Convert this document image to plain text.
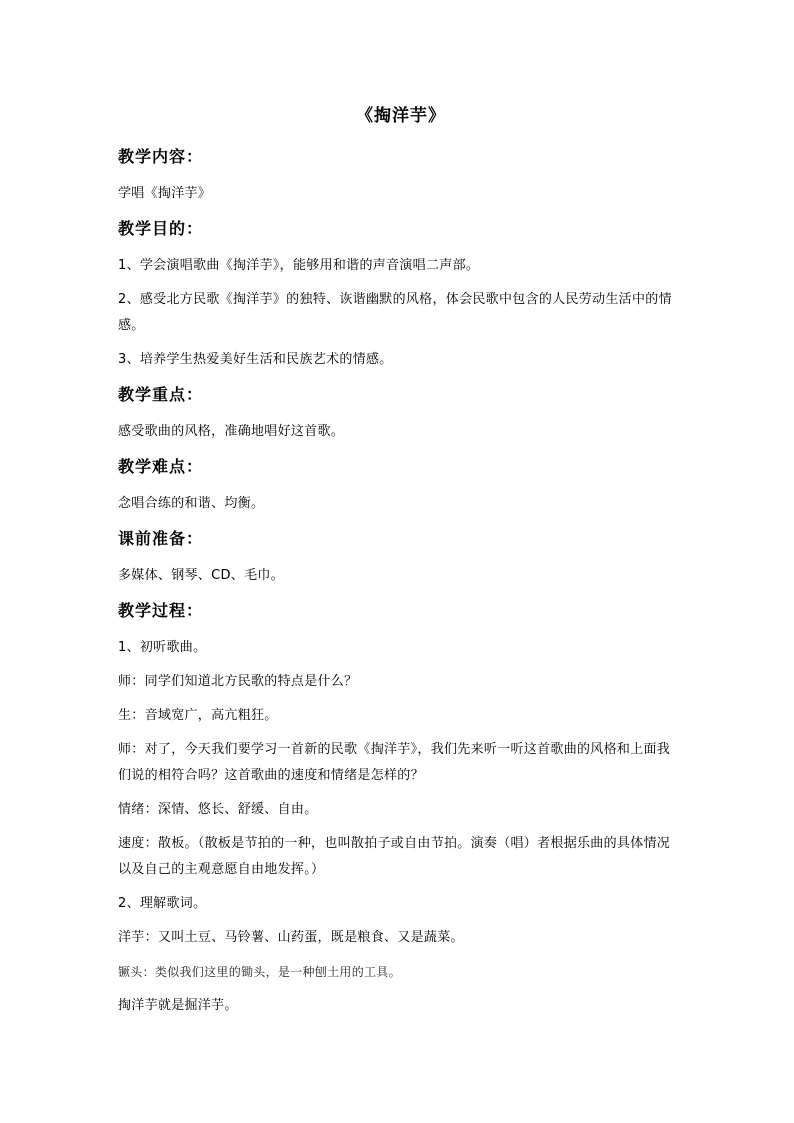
《掏洋芋》
教学内容：
学唱《掏洋芋》
教学目的：
1、学会演唱歌曲《掏洋芋》，能够用和谐的声音演唱二声部。
2、感受北方民歌《掏洋芋》的独特、诙谐幽默的风格，体会民歌中包含的人民劳动生活中的情感。
3、培养学生热爱美好生活和民族艺术的情感。
教学重点：
感受歌曲的风格，准确地唱好这首歌。
教学难点：
念唱合练的和谐、均衡。
课前准备：
多媒体、钢琴、CD、毛巾。
教学过程：
1、初听歌曲。
师：同学们知道北方民歌的特点是什么？
生：音域宽广，高亢粗狂。
师：对了，今天我们要学习一首新的民歌《掏洋芋》，我们先来听一听这首歌曲的风格和上面我们说的相符合吗？这首歌曲的速度和情绪是怎样的？
情绪：深情、悠长、舒缓、自由。
速度：散板。（散板是节拍的一种，也叫散拍子或自由节拍。演奏（唱）者根据乐曲的具体情况以及自己的主观意愿自由地发挥。）
2、理解歌词。
洋芋：又叫土豆、马铃薯、山药蛋，既是粮食、又是蔬菜。
镢头：类似我们这里的锄头，是一种刨土用的工具。
掏洋芋就是掘洋芋。
